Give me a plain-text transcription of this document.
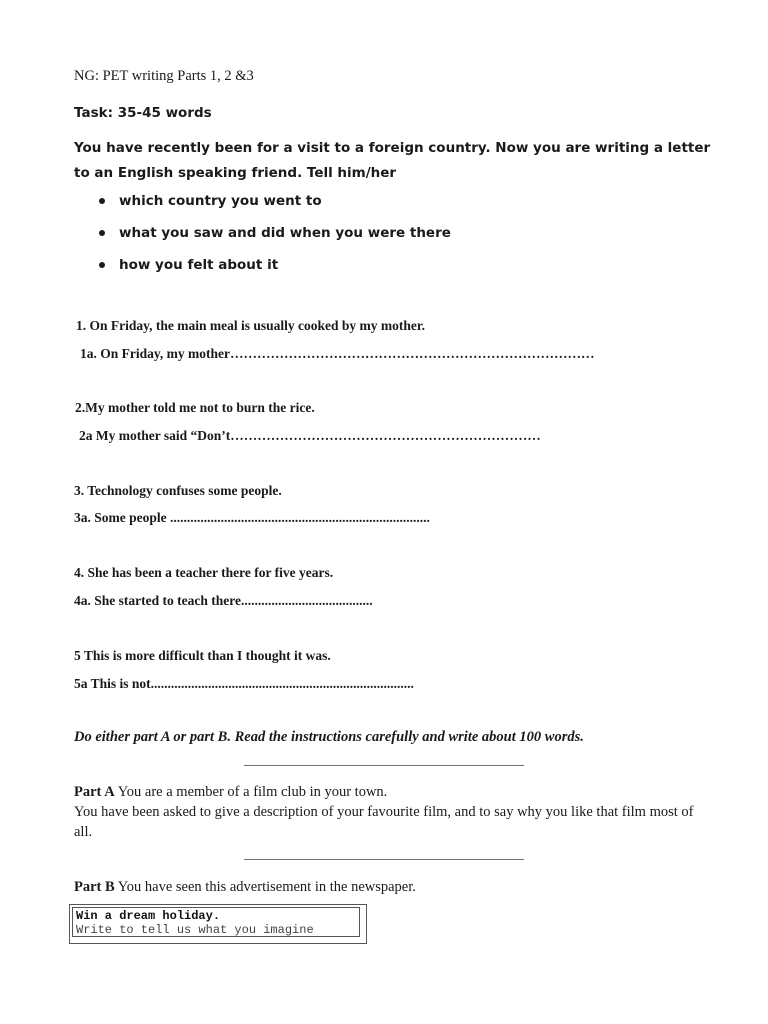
NG: PET writing Parts 1, 2 &3
Task: 35-45 words
You have recently been for a visit to a foreign country. Now you are writing a letter to an English speaking friend. Tell him/her
which country you went to
what you saw and did when you were there
how you felt about it
1. On Friday, the main meal is usually cooked by my mother.
1a. On Friday, my mother………………………………………………………………………
2.My mother told me not to burn the rice.
2a My mother said “Don’t……………………………………………………………
3. Technology confuses some people.
3a. Some people .............................................................................
4. She has been a teacher there for five years.
4a. She started to teach there.......................................
5 This is more difficult than I thought it was.
5a This is not..............................................................................
Do either part A or part B. Read the instructions carefully and write about 100 words.
Part A You are a member of a film club in your town.
You have been asked to give a description of your favourite film, and to say why you like that film most of all.
Part B You have seen this advertisement in the newspaper.
Win a dream holiday.
Write to tell us what you imagine
